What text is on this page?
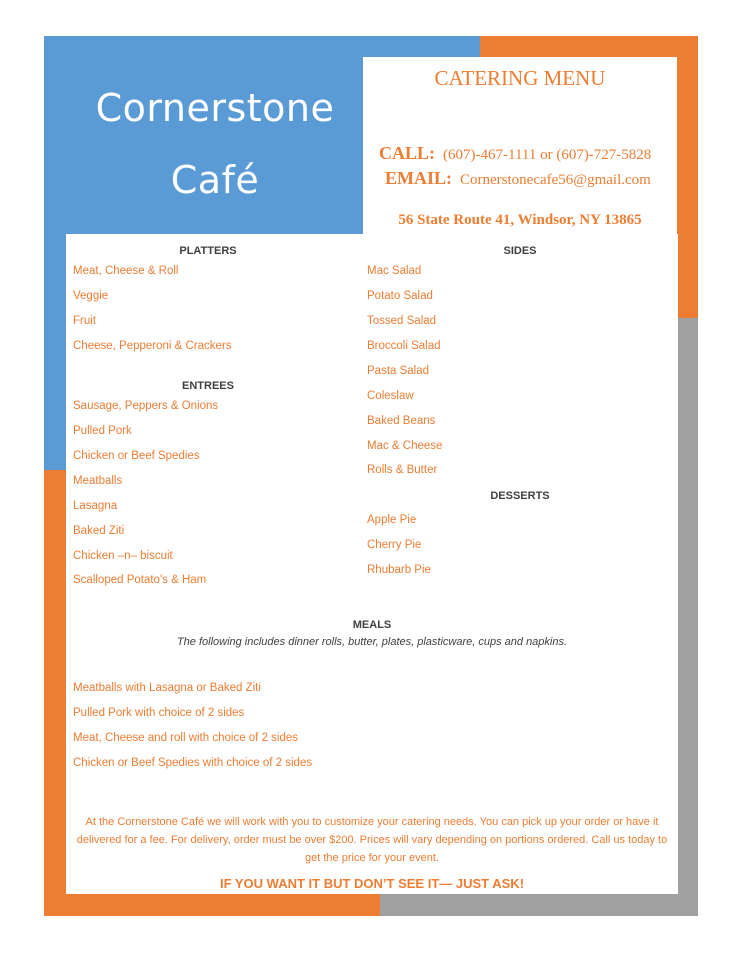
Cornerstone
Café
CATERING MENU
CALL: (607)-467-1111 or (607)-727-5828
EMAIL: Cornerstonecafe56@gmail.com
56 State Route 41, Windsor, NY 13865
PLATTERS
Meat, Cheese & Roll
Veggie
Fruit
Cheese, Pepperoni & Crackers
ENTREES
Sausage, Peppers & Onions
Pulled Pork
Chicken or Beef Spedies
Meatballs
Lasagna
Baked Ziti
Chicken –n– biscuit
Scalloped Potato's & Ham
SIDES
Mac Salad
Potato Salad
Tossed Salad
Broccoli Salad
Pasta Salad
Coleslaw
Baked Beans
Mac & Cheese
Rolls & Butter
DESSERTS
Apple Pie
Cherry Pie
Rhubarb Pie
MEALS
The following includes dinner rolls, butter, plates, plasticware, cups and napkins.
Meatballs with Lasagna or Baked Ziti
Pulled Pork with choice of 2 sides
Meat, Cheese and roll with choice of 2 sides
Chicken or Beef Spedies with choice of 2 sides
At the Cornerstone Café we will work with you to customize your catering needs. You can pick up your order or have it delivered for a fee. For delivery, order must be over $200. Prices will vary depending on portions ordered. Call us today to get the price for your event.
IF YOU WANT IT BUT DON’T SEE IT— JUST ASK!
